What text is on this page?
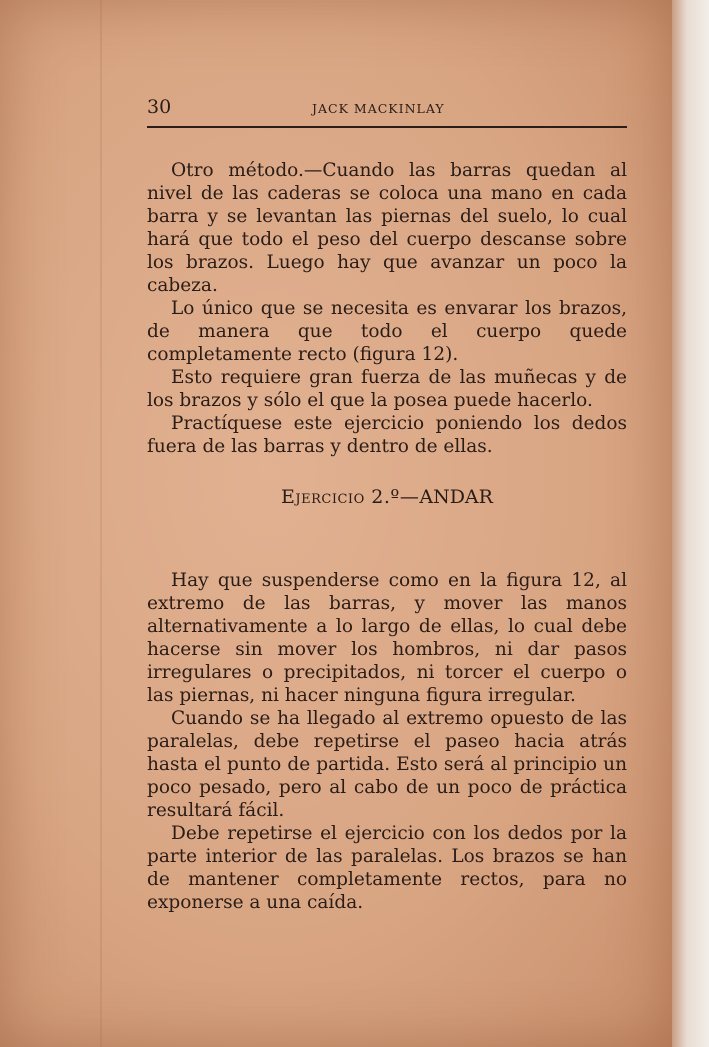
30	JACK MACKINLAY

Otro método.—Cuando las barras quedan al nivel de las caderas se coloca una mano en cada barra y se levantan las piernas del suelo, lo cual hará que todo el peso del cuerpo descanse sobre los brazos. Luego hay que avanzar un poco la cabeza.

Lo único que se necesita es envarar los brazos, de manera que todo el cuerpo quede completamente recto (figura 12).

Esto requiere gran fuerza de las muñecas y de los brazos y sólo el que la posea puede hacerlo.

Practíquese este ejercicio poniendo los dedos fuera de las barras y dentro de ellas.

Ejercicio 2.º—ANDAR

Hay que suspenderse como en la figura 12, al extremo de las barras, y mover las manos alternativamente a lo largo de ellas, lo cual debe hacerse sin mover los hombros, ni dar pasos irregulares o precipitados, ni torcer el cuerpo o las piernas, ni hacer ninguna figura irregular.

Cuando se ha llegado al extremo opuesto de las paralelas, debe repetirse el paseo hacia atrás hasta el punto de partida. Esto será al principio un poco pesado, pero al cabo de un poco de práctica resultará fácil.

Debe repetirse el ejercicio con los dedos por la parte interior de las paralelas. Los brazos se han de mantener completamente rectos, para no exponerse a una caída.
